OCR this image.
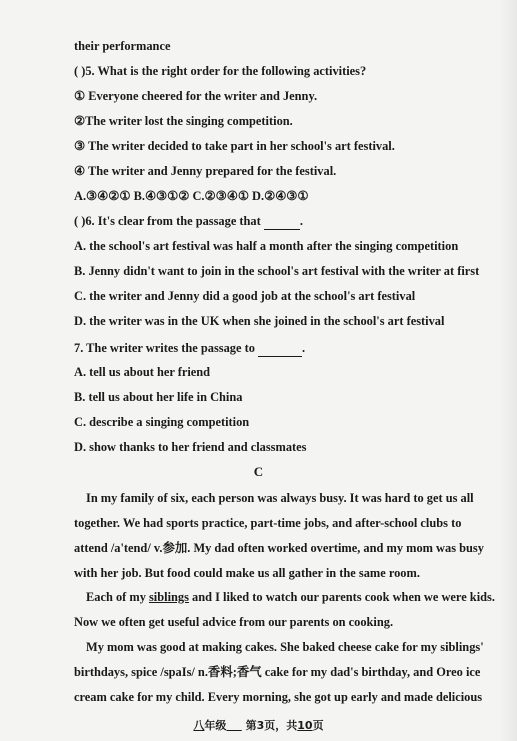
their performance
( )5. What is the right order for the following activities?
① Everyone cheered for the writer and Jenny.
②The writer lost the singing competition.
③ The writer decided to take part in her school's art festival.
④ The writer and Jenny prepared for the festival.
A.③④②① B.④③①② C.②③④① D.②④③①
( )6. It's clear from the passage that	.
A. the school's art festival was half a month after the singing competition
B. Jenny didn't want to join in the school's art festival with the writer at first
C. the writer and Jenny did a good job at the school's art festival
D. the writer was in the UK when she joined in the school's art festival
7. The writer writes the passage to	.
A. tell us about her friend
B. tell us about her life in China
C. describe a singing competition
D. show thanks to her friend and classmates
C
In my family of six, each person was always busy. It was hard to get us all
together. We had sports practice, part-time jobs, and after-school clubs to
attend /a'tend/ v.参加. My dad often worked overtime, and my mom was busy
with her job. But food could make us all gather in the same room.
Each of my siblings and I liked to watch our parents cook when we were kids.
Now we often get useful advice from our parents on cooking.
My mom was good at making cakes. She baked cheese cake for my siblings'
birthdays, spice /spaIs/ n.香料;香气 cake for my dad's birthday, and Oreo ice
cream cake for my child. Every morning, she got up early and made delicious
八年级 第3页，共10页
